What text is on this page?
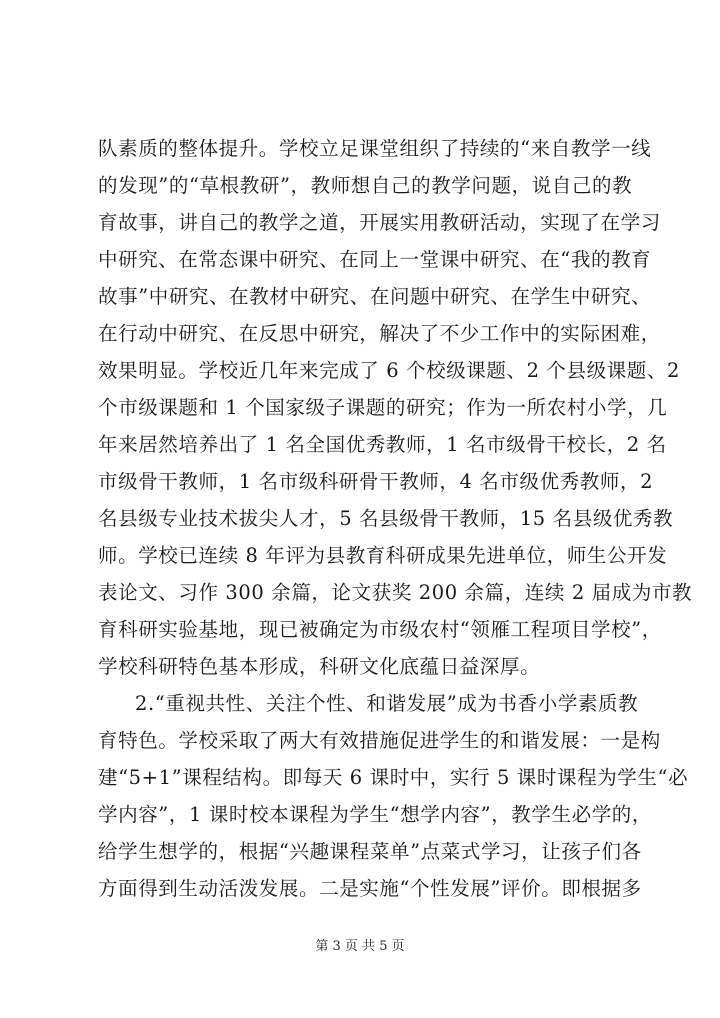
队素质的整体提升。学校立足课堂组织了持续的“来自教学一线
的发现”的“草根教研”，教师想自己的教学问题，说自己的教
育故事，讲自己的教学之道，开展实用教研活动，实现了在学习
中研究、在常态课中研究、在同上一堂课中研究、在“我的教育
故事”中研究、在教材中研究、在问题中研究、在学生中研究、
在行动中研究、在反思中研究，解决了不少工作中的实际困难，
效果明显。学校近几年来完成了 6 个校级课题、2 个县级课题、2
个市级课题和 1 个国家级子课题的研究；作为一所农村小学，几
年来居然培养出了 1 名全国优秀教师，1 名市级骨干校长，2 名
市级骨干教师，1 名市级科研骨干教师，4 名市级优秀教师，2
名县级专业技术拔尖人才，5 名县级骨干教师，15 名县级优秀教
师。学校已连续 8 年评为县教育科研成果先进单位，师生公开发
表论文、习作 300 余篇，论文获奖 200 余篇，连续 2 届成为市教
育科研实验基地，现已被确定为市级农村“领雁工程项目学校”，
学校科研特色基本形成，科研文化底蕴日益深厚。
2.“重视共性、关注个性、和谐发展”成为书香小学素质教
育特色。学校采取了两大有效措施促进学生的和谐发展：一是构
建“5+1”课程结构。即每天 6 课时中，实行 5 课时课程为学生“必
学内容”，1 课时校本课程为学生“想学内容”，教学生必学的，
给学生想学的，根据“兴趣课程菜单”点菜式学习，让孩子们各
方面得到生动活泼发展。二是实施“个性发展”评价。即根据多
第 3 页 共 5 页
